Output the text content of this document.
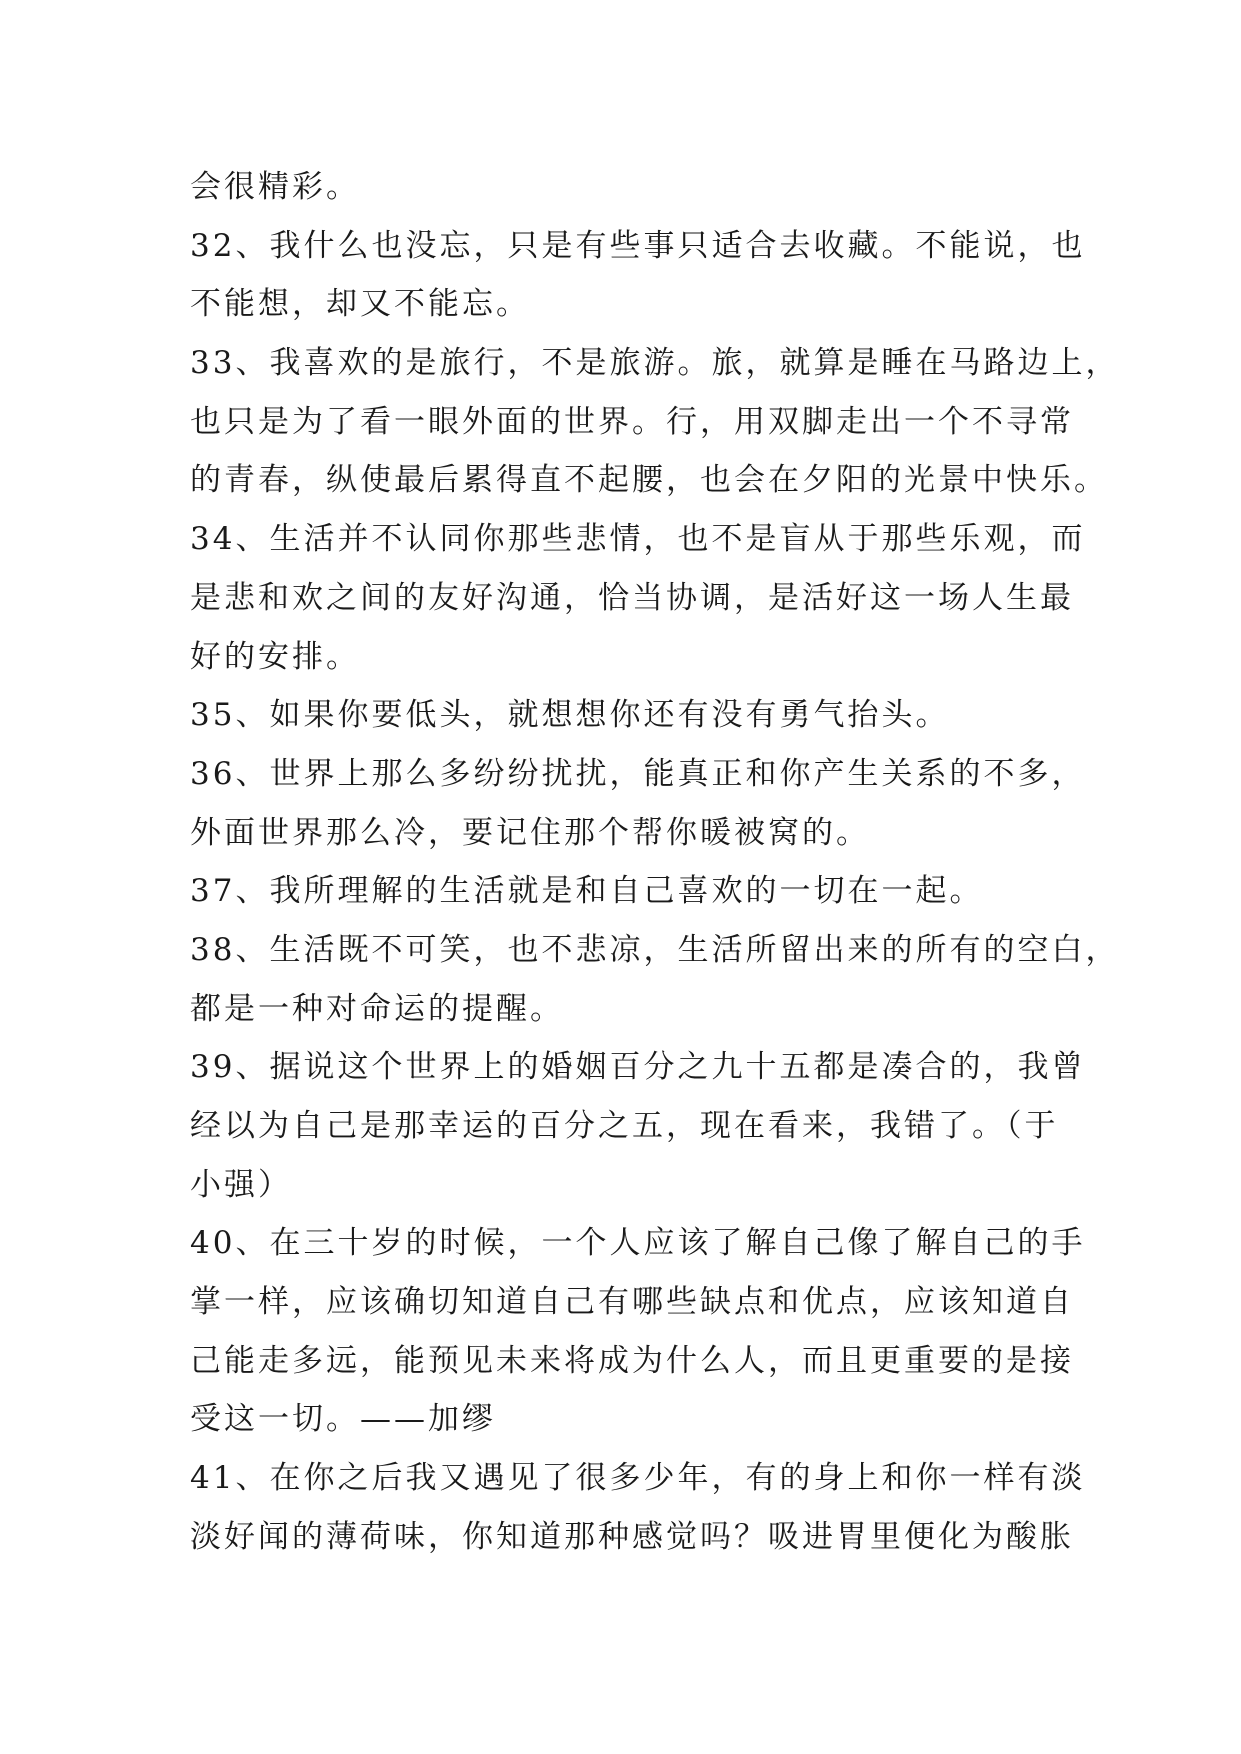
会很精彩。
32、我什么也没忘，只是有些事只适合去收藏。不能说，也
不能想，却又不能忘。
33、我喜欢的是旅行，不是旅游。旅，就算是睡在马路边上，
也只是为了看一眼外面的世界。行，用双脚走出一个不寻常
的青春，纵使最后累得直不起腰，也会在夕阳的光景中快乐。
34、生活并不认同你那些悲情，也不是盲从于那些乐观，而
是悲和欢之间的友好沟通，恰当协调，是活好这一场人生最
好的安排。
35、如果你要低头，就想想你还有没有勇气抬头。
36、世界上那么多纷纷扰扰，能真正和你产生关系的不多，
外面世界那么冷，要记住那个帮你暖被窝的。
37、我所理解的生活就是和自己喜欢的一切在一起。
38、生活既不可笑，也不悲凉，生活所留出来的所有的空白，
都是一种对命运的提醒。
39、据说这个世界上的婚姻百分之九十五都是凑合的，我曾
经以为自己是那幸运的百分之五，现在看来，我错了。（于
小强）
40、在三十岁的时候，一个人应该了解自己像了解自己的手
掌一样，应该确切知道自己有哪些缺点和优点，应该知道自
己能走多远，能预见未来将成为什么人，而且更重要的是接
受这一切。——加缪
41、在你之后我又遇见了很多少年，有的身上和你一样有淡
淡好闻的薄荷味，你知道那种感觉吗？吸进胃里便化为酸胀
